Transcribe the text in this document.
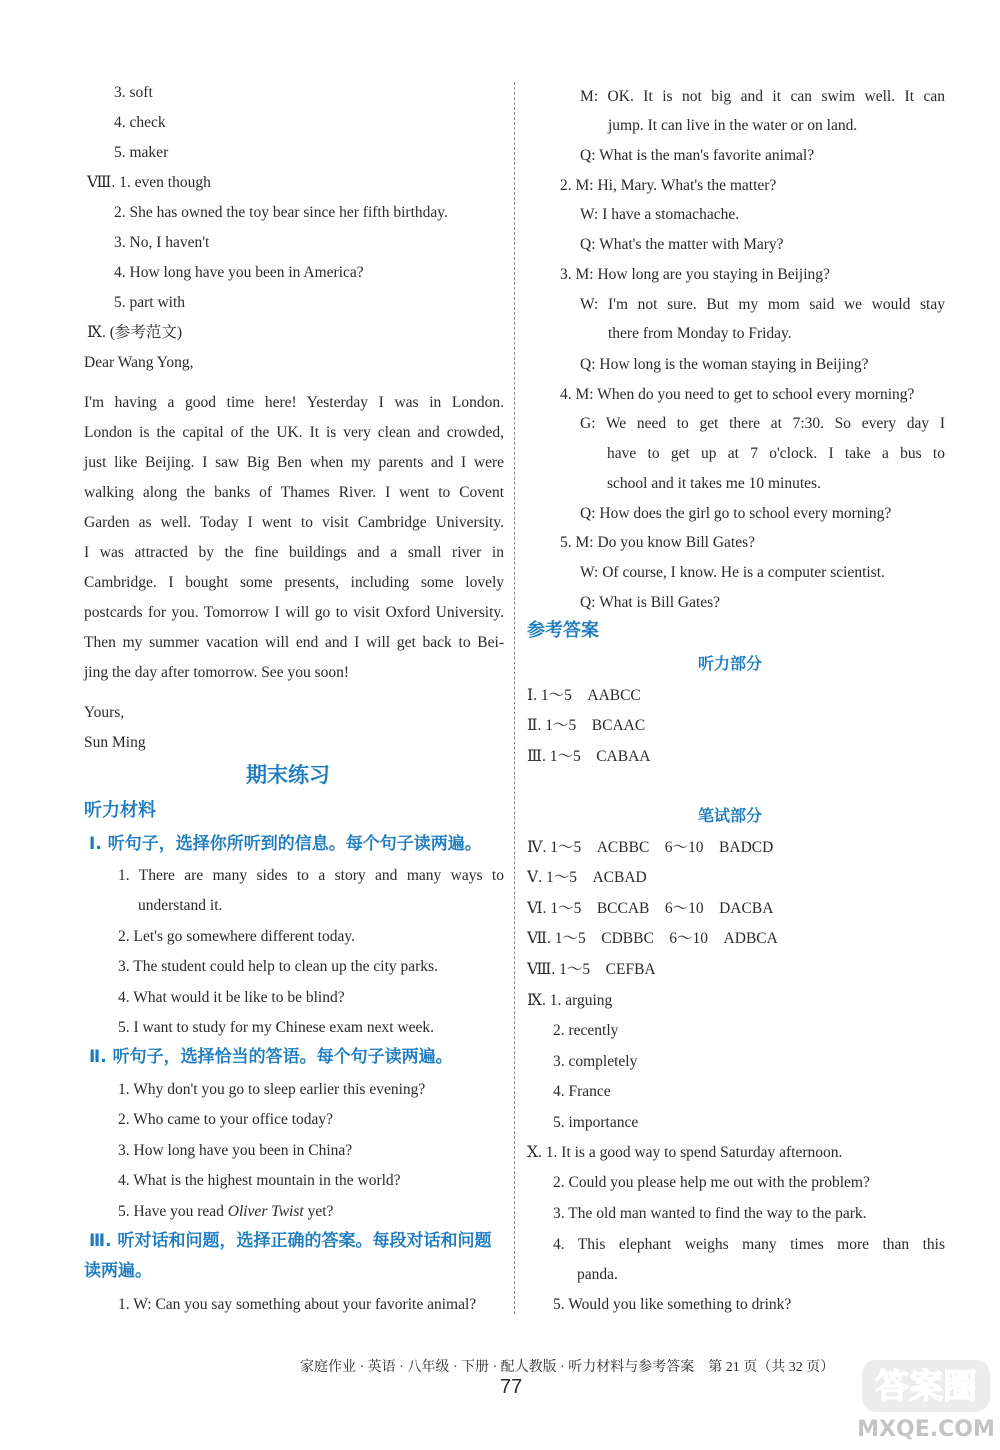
3. soft
4. check
5. maker
Ⅷ. 1. even though
2. She has owned the toy bear since her fifth birthday.
3. No, I haven't
4. How long have you been in America?
5. part with
Ⅸ. (参考范文)
Dear Wang Yong,
I'm having a good time here! Yesterday I was in London.
London is the capital of the UK. It is very clean and crowded,
just like Beijing. I saw Big Ben when my parents and I were
walking along the banks of Thames River. I went to Covent
Garden as well. Today I went to visit Cambridge University.
I was attracted by the fine buildings and a small river in
Cambridge. I bought some presents, including some lovely
postcards for you. Tomorrow I will go to visit Oxford University.
Then my summer vacation will end and I will get back to Bei-
jing the day after tomorrow. See you soon!
Yours,
Sun Ming
期末练习
听力材料
Ⅰ. 听句子，选择你所听到的信息。每个句子读两遍。
1. There are many sides to a story and many ways to
understand it.
2. Let's go somewhere different today.
3. The student could help to clean up the city parks.
4. What would it be like to be blind?
5. I want to study for my Chinese exam next week.
Ⅱ. 听句子，选择恰当的答语。每个句子读两遍。
1. Why don't you go to sleep earlier this evening?
2. Who came to your office today?
3. How long have you been in China?
4. What is the highest mountain in the world?
5. Have you read Oliver Twist yet?
Ⅲ. 听对话和问题，选择正确的答案。每段对话和问题
读两遍。
1. W: Can you say something about your favorite animal?
M: OK. It is not big and it can swim well. It can
jump. It can live in the water or on land.
Q: What is the man's favorite animal?
2. M: Hi, Mary. What's the matter?
W: I have a stomachache.
Q: What's the matter with Mary?
3. M: How long are you staying in Beijing?
W: I'm not sure. But my mom said we would stay
there from Monday to Friday.
Q: How long is the woman staying in Beijing?
4. M: When do you need to get to school every morning?
G: We need to get there at 7:30. So every day I
have to get up at 7 o'clock. I take a bus to
school and it takes me 10 minutes.
Q: How does the girl go to school every morning?
5. M: Do you know Bill Gates?
W: Of course, I know. He is a computer scientist.
Q: What is Bill Gates?
参考答案
听力部分
Ⅰ. 1～5　AABCC
Ⅱ. 1～5　BCAAC
Ⅲ. 1～5　CABAA
笔试部分
Ⅳ. 1～5　ACBBC　6～10　BADCD
Ⅴ. 1～5　ACBAD
Ⅵ. 1～5　BCCAB　6～10　DACBA
Ⅶ. 1～5　CDBBC　6～10　ADBCA
Ⅷ. 1～5　CEFBA
Ⅸ. 1. arguing
2. recently
3. completely
4. France
5. importance
Ⅹ. 1. It is a good way to spend Saturday afternoon.
2. Could you please help me out with the problem?
3. The old man wanted to find the way to the park.
4. This elephant weighs many times more than this
panda.
5. Would you like something to drink?
家庭作业 · 英语 · 八年级 · 下册 · 配人教版 · 听力材料与参考答案　第 21 页（共 32 页）
77	答案圈
MXQE.COM
